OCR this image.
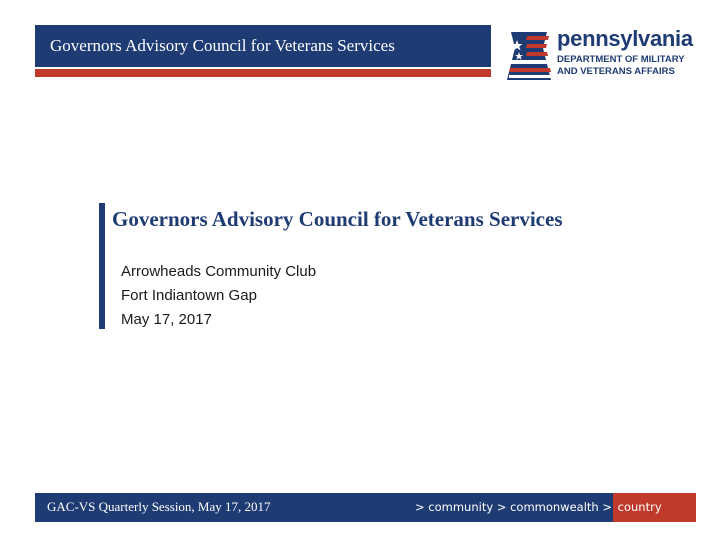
Governors Advisory Council for Veterans Services	pennsylvania
DEPARTMENT OF MILITARY
AND VETERANS AFFAIRS
Governors Advisory Council for Veterans Services
Arrowheads Community Club
Fort Indiantown Gap
May 17, 2017
GAC-VS Quarterly Session, May 17, 2017	> community > commonwealth > country
